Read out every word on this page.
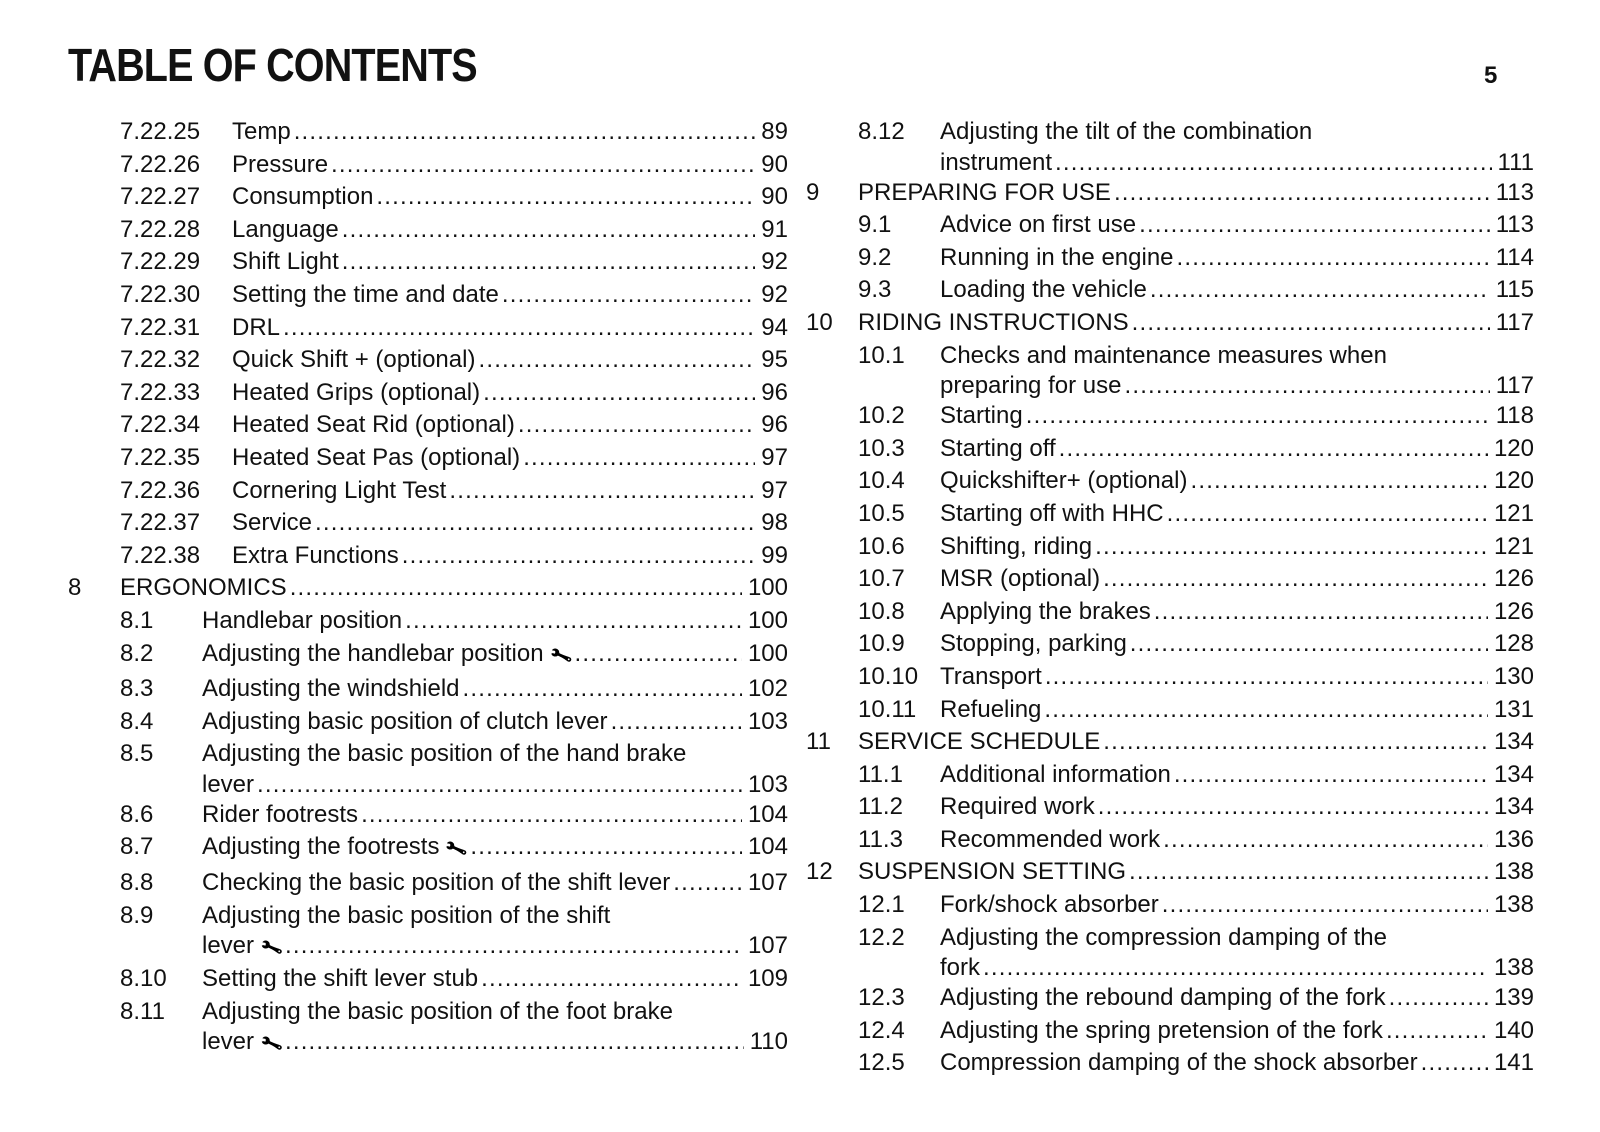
TABLE OF CONTENTS	5
7.22.25	Temp .....	89
7.22.26	Pressure .....	90
7.22.27	Consumption .....	90
7.22.28	Language .....	91
7.22.29	Shift Light .....	92
7.22.30	Setting the time and date .....	92
7.22.31	DRL .....	94
7.22.32	Quick Shift + (optional) .....	95
7.22.33	Heated Grips (optional) .....	96
7.22.34	Heated Seat Rid (optional) .....	96
7.22.35	Heated Seat Pas (optional) .....	97
7.22.36	Cornering Light Test .....	97
7.22.37	Service .....	98
7.22.38	Extra Functions .....	99
8	ERGONOMICS .....	100
8.1	Handlebar position .....	100
8.2	Adjusting the handlebar position 🔧 .....	100
8.3	Adjusting the windshield .....	102
8.4	Adjusting basic position of clutch lever .....	103
8.5	Adjusting the basic position of the hand brake
lever .....	103
8.6	Rider footrests .....	104
8.7	Adjusting the footrests 🔧 .....	104
8.8	Checking the basic position of the shift lever .....	107
8.9	Adjusting the basic position of the shift
lever 🔧 .....	107
8.10	Setting the shift lever stub .....	109
8.11	Adjusting the basic position of the foot brake
lever 🔧 .....	110
8.12	Adjusting the tilt of the combination
instrument .....	111
9	PREPARING FOR USE .....	113
9.1	Advice on first use .....	113
9.2	Running in the engine .....	114
9.3	Loading the vehicle .....	115
10	RIDING INSTRUCTIONS .....	117
10.1	Checks and maintenance measures when
preparing for use .....	117
10.2	Starting .....	118
10.3	Starting off .....	120
10.4	Quickshifter+ (optional) .....	120
10.5	Starting off with HHC .....	121
10.6	Shifting, riding .....	121
10.7	MSR (optional) .....	126
10.8	Applying the brakes .....	126
10.9	Stopping, parking .....	128
10.10 Transport .....	130
10.11 Refueling .....	131
11	SERVICE SCHEDULE .....	134
11.1	Additional information .....	134
11.2	Required work .....	134
11.3	Recommended work .....	136
12	SUSPENSION SETTING .....	138
12.1	Fork/shock absorber .....	138
12.2	Adjusting the compression damping of the
fork .....	138
12.3	Adjusting the rebound damping of the fork .....	139
12.4	Adjusting the spring pretension of the fork .....	140
12.5	Compression damping of the shock absorber .....	141
